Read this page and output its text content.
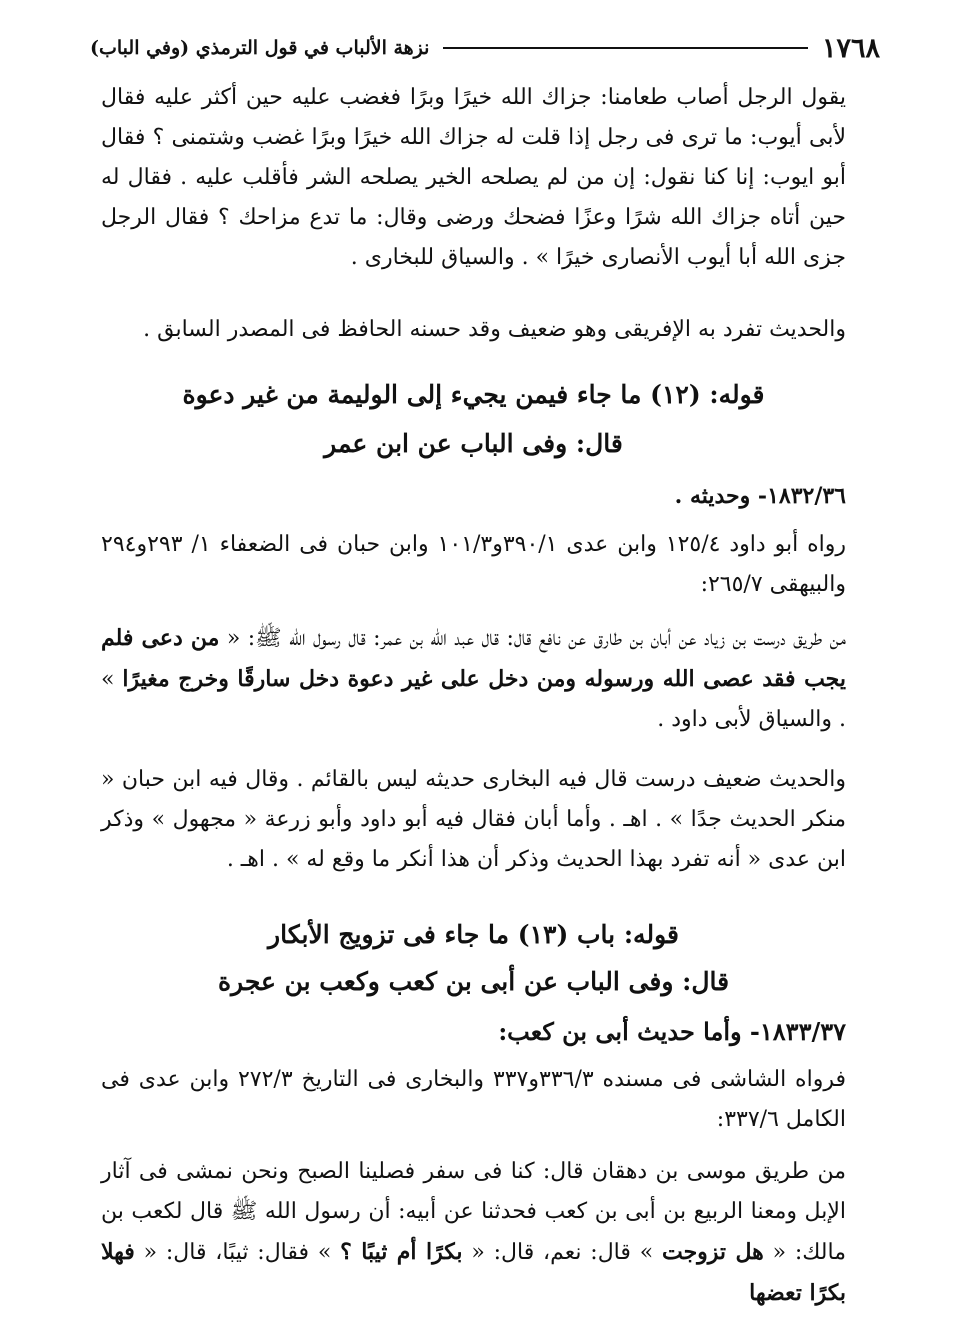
١٧٦٨
نزهة الألباب في قول الترمذي (وفي الباب)

يقول الرجل أصاب طعامنا: جزاك الله خيرًا وبرًا فغضب عليه حين أكثر عليه فقال لأبى أيوب: ما ترى فى رجل إذا قلت له جزاك الله خيرًا وبرًا غضب وشتمنى ؟ فقال أبو ايوب: إنا كنا نقول: إن من لم يصلحه الخير يصلحه الشر فأقلب عليه . فقال له حين أتاه جزاك الله شرًا وعزًا فضحك ورضى وقال: ما تدع مزاحك ؟ فقال الرجل جزى الله أبا أيوب الأنصارى خيرًا » . والسياق للبخارى .

والحديث تفرد به الإفريقى وهو ضعيف وقد حسنه الحافظ فى المصدر السابق .

قوله: (١٢) ما جاء فيمن يجيء إلى الوليمة من غير دعوة
قال: وفى الباب عن ابن عمر

١٨٣٢/٣٦- وحديثه .

رواه أبو داود ١٢٥/٤ وابن عدى ٣٩٠/١و١٠١/٣ وابن حبان فى الضعفاء ١/ ٢٩٣و٢٩٤ والبيهقى ٢٦٥/٧:

من طريق درست بن زياد عن أبان بن طارق عن نافع قال: قال عبد الله بن عمر: قال رسول الله ﷺ: « من دعى فلم يجب فقد عصى الله ورسوله ومن دخل على غير دعوة دخل سارقًا وخرج مغيرًا » . والسياق لأبى داود .

والحديث ضعيف درست قال فيه البخارى حديثه ليس بالقائم . وقال فيه ابن حبان « منكر الحديث جدًا » . اهـ . وأما أبان فقال فيه أبو داود وأبو زرعة « مجهول » وذكر ابن عدى « أنه تفرد بهذا الحديث وذكر أن هذا أنكر ما وقع له » . اهـ .

قوله: باب (١٣) ما جاء فى تزويج الأبكار
قال: وفى الباب عن أبى بن كعب وكعب بن عجرة

١٨٣٣/٣٧- وأما حديث أبى بن كعب:

فرواه الشاشى فى مسنده ٣٣٦/٣و٣٣٧ والبخارى فى التاريخ ٢٧٢/٣ وابن عدى فى الكامل ٣٣٧/٦:

من طريق موسى بن دهقان قال: كنا فى سفر فصلينا الصبح ونحن نمشى فى آثار الإبل ومعنا الربيع بن أبى بن كعب فحدثنا عن أبيه: أن رسول الله ﷺ قال لكعب بن مالك: « هل تزوجت » قال: نعم، قال: « بكرًا أم ثيبًا ؟ » فقال: ثيبًا، قال: « فهلا بكرًا تعضها
